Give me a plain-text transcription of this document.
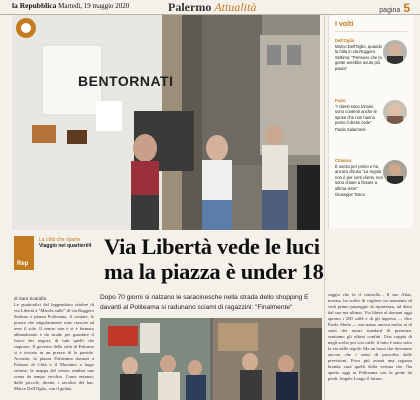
la Repubblica Martedì, 19 maggio 2020	Palermo Attualità	pagina 5
BENTORNATI
I volti
Dell'Oglio
Marco Dell'Oglio, quando la folla in via Ruggero Settimo: "Pensavo che la gente avrebbe avuto più paura"
Fazio
"I clienti sono tornati, sono contenti anche le spose che non hanno perso il dress code"
Paola Salamone
Chianca
È uscito per primo e ha ancora chiuso "La regola non è per certi clienti, non sono chiare a fissare a ultima vista"
Giuseppe Tosco
Rep
La città che riparte
Viaggio nei quartieri/4
di Sara Scarafia
Via Libertà vede le luci ma la piazza è under 18
Dopo 70 giorni si rialzano le saracinesche nella strada dello shopping E davanti al Politeama si radunano sciami di ragazzini: "Finalmente"
Le quattordici del leggendario ottobre di via Libertà a "Marchi sulle" di via Ruggero Settimo e piazza Politeama. A contare, le piazze che singolarmente sono riuscite ad aver il sole. Il centro non è si è fermato abbandonato e da strade per guardare il fuoco dei negozi, di tutti quelli che riaprono. Il governo della città di Palermo si è trovato in un prezzo di la preside. Accanto, la piazza Politeama davanti a Palazzo di Città e il Massimo a largo vetrine: la mappa del centro sembra una scena da tempo vecchio. Come entrano, dalle piccole, dirette, i tavolini del bar: Marco Dell'Oglio, con il gelato.
saggio che fa il controllo... Il suo Alias, mostra, ha scelto di cogliere un momento di vedi primo passeggio di ripartenza, ad detto dal suo ma ultimo. Via libera al domani oggi aprono i 200 caffè e di gli ingressi — dice Paolo Abela — ma siamo ancora molto ai di sotto dei nostri standard di presenze, sentiamo gli ultimi confini. Una coppia di negli scelte poi con caffè, il fatto è stato sotto la via nelle regole. Ma un lusso che dovranno ancora che i sensi di prescelta dalle previsioni. Poco più avanti una ragazza bionda cura quelli della vetrina che l'ha aperto oggi in Politeama con la gente da piedi. Angela Longo il futuro.
